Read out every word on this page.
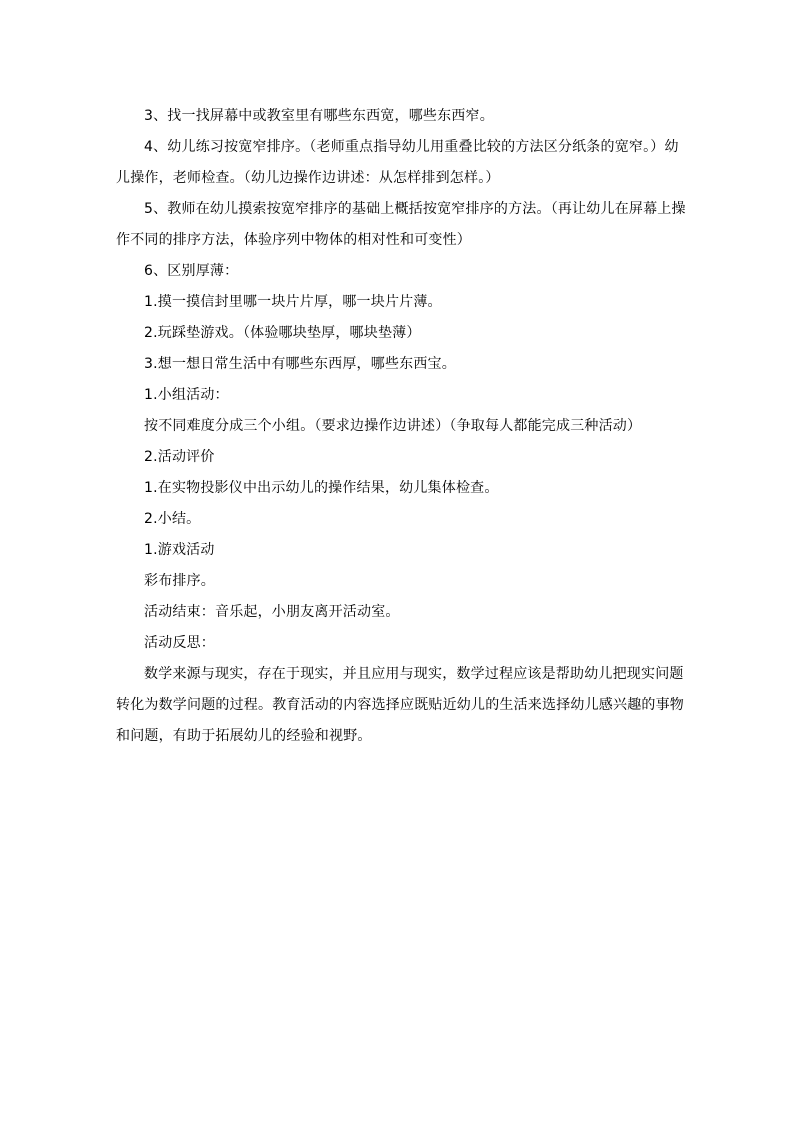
3、找一找屏幕中或教室里有哪些东西宽，哪些东西窄。

4、幼儿练习按宽窄排序。（老师重点指导幼儿用重叠比较的方法区分纸条的宽窄。）幼儿操作，老师检查。（幼儿边操作边讲述：从怎样排到怎样。）

5、教师在幼儿摸索按宽窄排序的基础上概括按宽窄排序的方法。（再让幼儿在屏幕上操作不同的排序方法，体验序列中物体的相对性和可变性）

6、区别厚薄：

1.摸一摸信封里哪一块片片厚，哪一块片片薄。

2.玩踩垫游戏。（体验哪块垫厚，哪块垫薄）

3.想一想日常生活中有哪些东西厚，哪些东西宝。

1.小组活动：

按不同难度分成三个小组。（要求边操作边讲述）（争取每人都能完成三种活动）

2.活动评价

1.在实物投影仪中出示幼儿的操作结果，幼儿集体检查。

2.小结。

1.游戏活动

彩布排序。

活动结束：音乐起，小朋友离开活动室。

活动反思：

数学来源与现实，存在于现实，并且应用与现实，数学过程应该是帮助幼儿把现实问题转化为数学问题的过程。教育活动的内容选择应既贴近幼儿的生活来选择幼儿感兴趣的事物和问题，有助于拓展幼儿的经验和视野。
